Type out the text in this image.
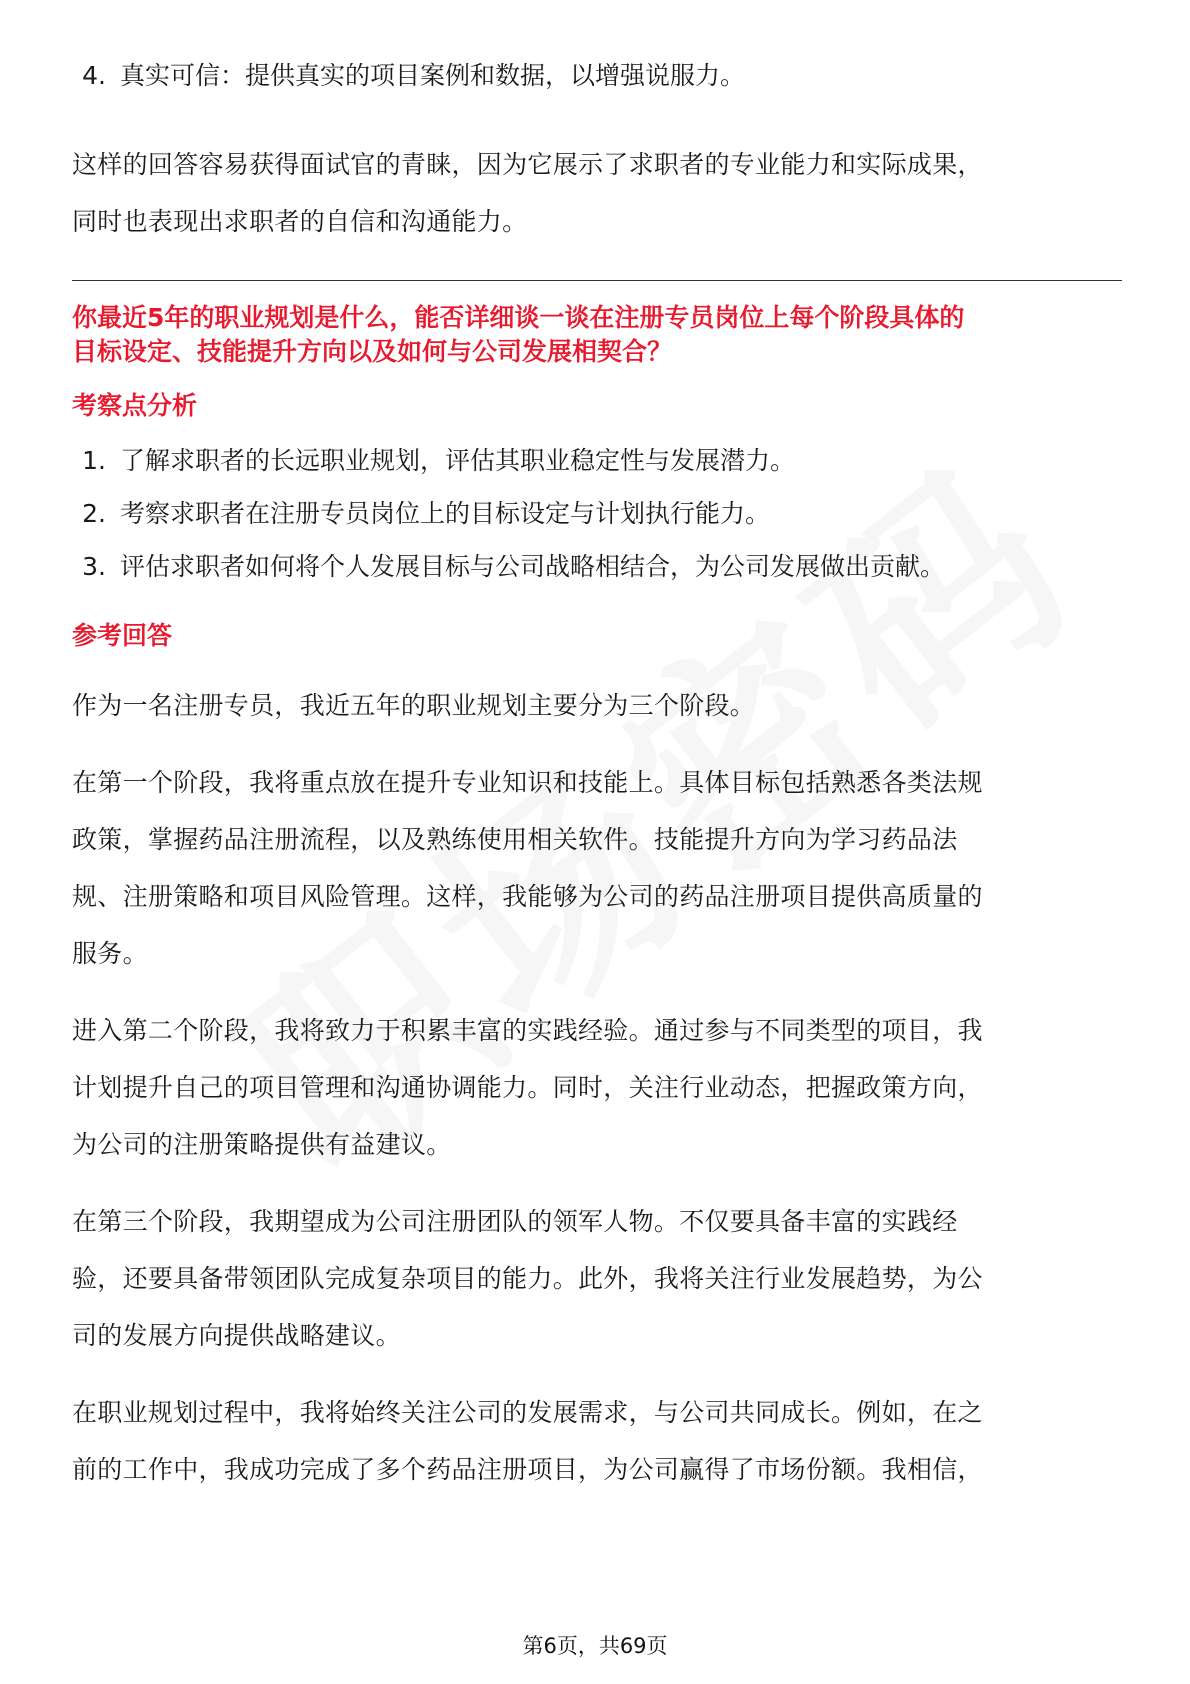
4. 真实可信：提供真实的项目案例和数据，以增强说服力。

这样的回答容易获得面试官的青睐，因为它展示了求职者的专业能力和实际成果，

同时也表现出求职者的自信和沟通能力。

你最近5年的职业规划是什么，能否详细谈一谈在注册专员岗位上每个阶段具体的

目标设定、技能提升方向以及如何与公司发展相契合？

考察点分析

1. 了解求职者的长远职业规划，评估其职业稳定性与发展潜力。
2. 考察求职者在注册专员岗位上的目标设定与计划执行能力。
3. 评估求职者如何将个人发展目标与公司战略相结合，为公司发展做出贡献。

参考回答

作为一名注册专员，我近五年的职业规划主要分为三个阶段。

在第一个阶段，我将重点放在提升专业知识和技能上。具体目标包括熟悉各类法规

政策，掌握药品注册流程，以及熟练使用相关软件。技能提升方向为学习药品法

规、注册策略和项目风险管理。这样，我能够为公司的药品注册项目提供高质量的

服务。

进入第二个阶段，我将致力于积累丰富的实践经验。通过参与不同类型的项目，我

计划提升自己的项目管理和沟通协调能力。同时，关注行业动态，把握政策方向，

为公司的注册策略提供有益建议。

在第三个阶段，我期望成为公司注册团队的领军人物。不仅要具备丰富的实践经

验，还要具备带领团队完成复杂项目的能力。此外，我将关注行业发展趋势，为公

司的发展方向提供战略建议。

在职业规划过程中，我将始终关注公司的发展需求，与公司共同成长。例如，在之

前的工作中，我成功完成了多个药品注册项目，为公司赢得了市场份额。我相信，

第6页，共69页
